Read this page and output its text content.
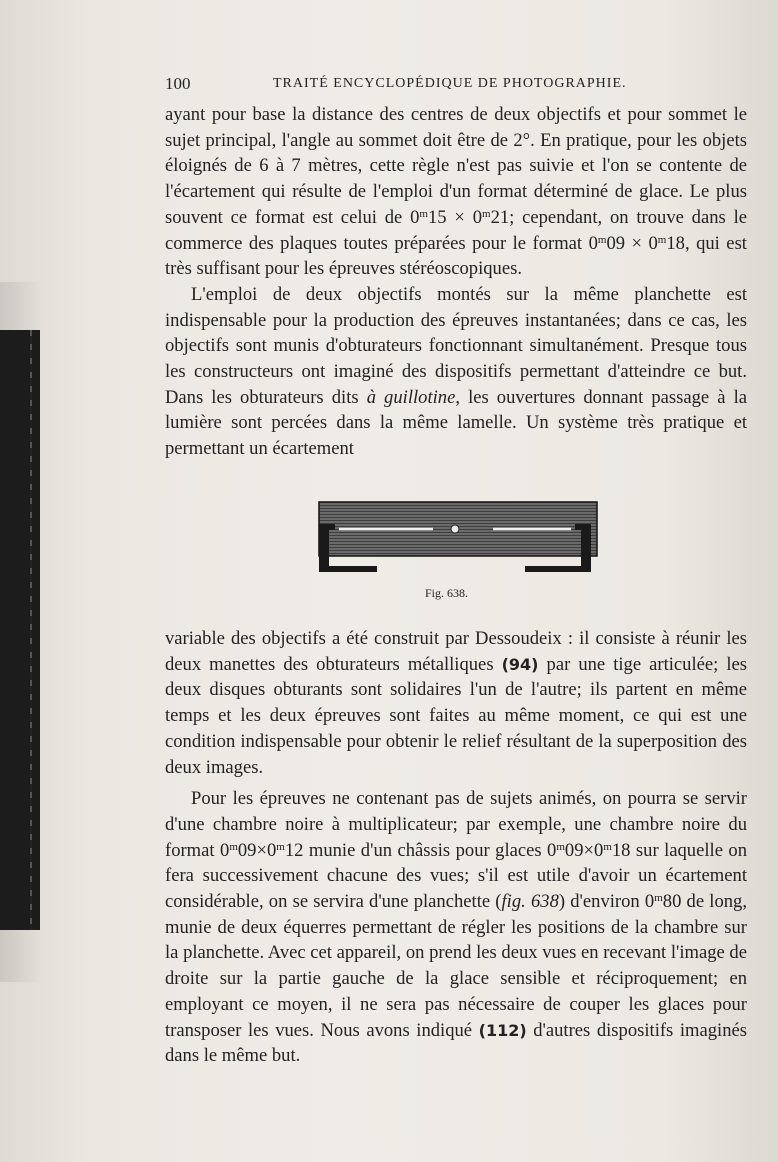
100	TRAITÉ ENCYCLOPÉDIQUE DE PHOTOGRAPHIE.

ayant pour base la distance des centres de deux objectifs et pour sommet le sujet principal, l'angle au sommet doit être de 2°. En pratique, pour les objets éloignés de 6 à 7 mètres, cette règle n'est pas suivie et l'on se contente de l'écartement qui résulte de l'emploi d'un format déterminé de glace. Le plus souvent ce format est celui de $0^m15 \times 0^m21$; cependant, on trouve dans le commerce des plaques toutes préparées pour le format $0^m09 \times 0^m18$, qui est très suffisant pour les épreuves stéréoscopiques.

L'emploi de deux objectifs montés sur la même planchette est indispensable pour la production des épreuves instantanées; dans ce cas, les objectifs sont munis d'obturateurs fonctionnant simultanément. Presque tous les constructeurs ont imaginé des dispositifs permettant d'atteindre ce but. Dans les obturateurs dits à guillotine, les ouvertures donnant passage à la lumière sont percées dans la même lamelle. Un système très pratique et permettant un écartement

Fig. 638.

variable des objectifs a été construit par Dessoudeix : il consiste à réunir les deux manettes des obturateurs métalliques (94) par une tige articulée; les deux disques obturants sont solidaires l'un de l'autre; ils partent en même temps et les deux épreuves sont faites au même moment, ce qui est une condition indispensable pour obtenir le relief résultant de la superposition des deux images.

Pour les épreuves ne contenant pas de sujets animés, on pourra se servir d'une chambre noire à multiplicateur; par exemple, une chambre noire du format $0^m09\times 0^m12$ munie d'un châssis pour glaces $0^m09\times 0^m18$ sur laquelle on fera successivement chacune des vues; s'il est utile d'avoir un écartement considérable, on se servira d'une planchette (fig. 638) d'environ 0$^m$80 de long, munie de deux équerres permettant de régler les positions de la chambre sur la planchette. Avec cet appareil, on prend les deux vues en recevant l'image de droite sur la partie gauche de la glace sensible et réciproquement; en employant ce moyen, il ne sera pas nécessaire de couper les glaces pour transposer les vues. Nous avons indiqué (112) d'autres dispositifs imaginés dans le même but.
